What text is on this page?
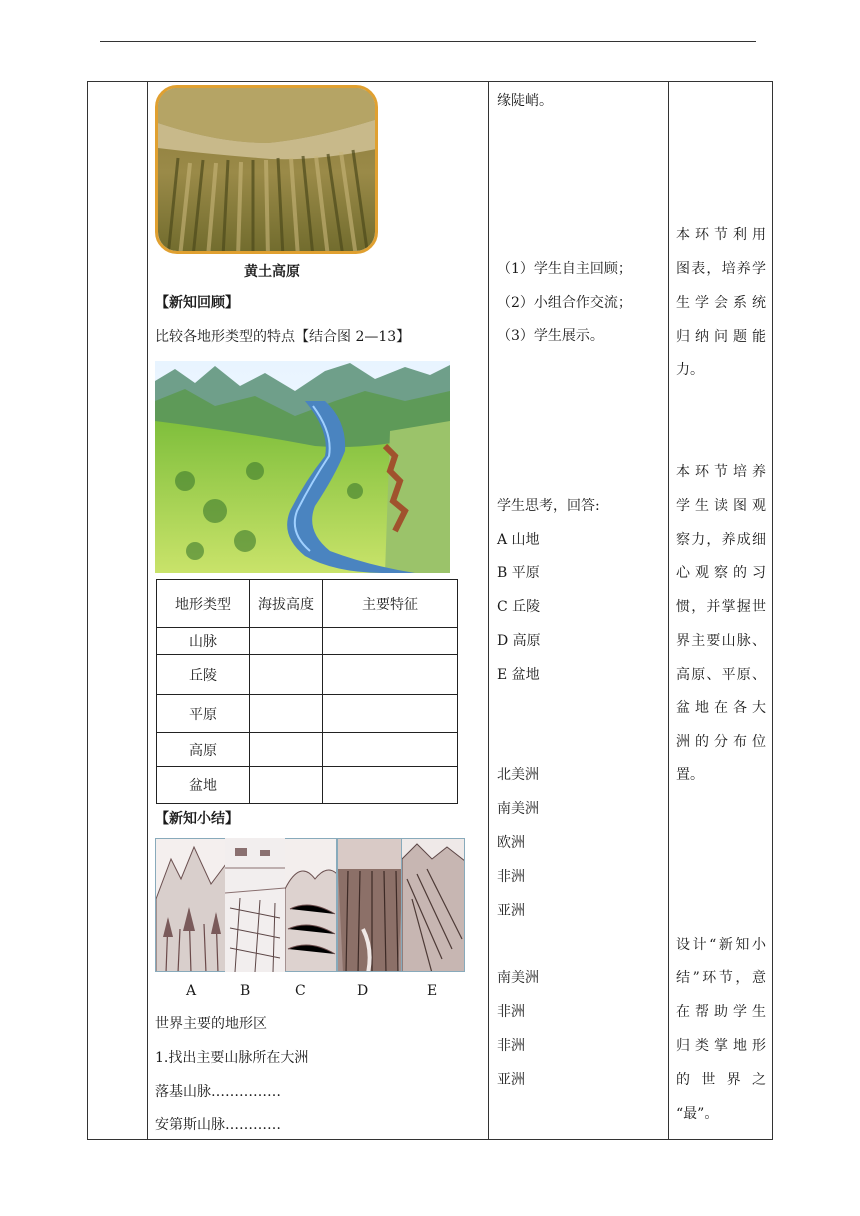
黄土高原
【新知回顾】
比较各地形类型的特点【结合图 2—13】
地形类型	海拔高度	主要特征
山脉		
丘陵		
平原		
高原		
盆地		
【新知小结】
A	B	C	D	E
世界主要的地形区
1.找出主要山脉所在大洲
落基山脉……………
安第斯山脉…………
缘陡峭。
（1）学生自主回顾；
（2）小组合作交流；
（3）学生展示。
学生思考，回答:
A 山地
B 平原
C 丘陵
D 高原
E 盆地
北美洲
南美洲
欧洲
非洲
亚洲
南美洲
非洲
非洲
亚洲
本环节利用
图表，培养学
生学会系统
归纳问题能
力。
本环节培养
学生读图观
察力，养成细
心观察的习
惯，并掌握世
界主要山脉、
高原、平原、
盆地在各大
洲的分布位
置。
设计“新知小
结”环节，意
在帮助学生
归类掌地形
的世界之
“最”。
